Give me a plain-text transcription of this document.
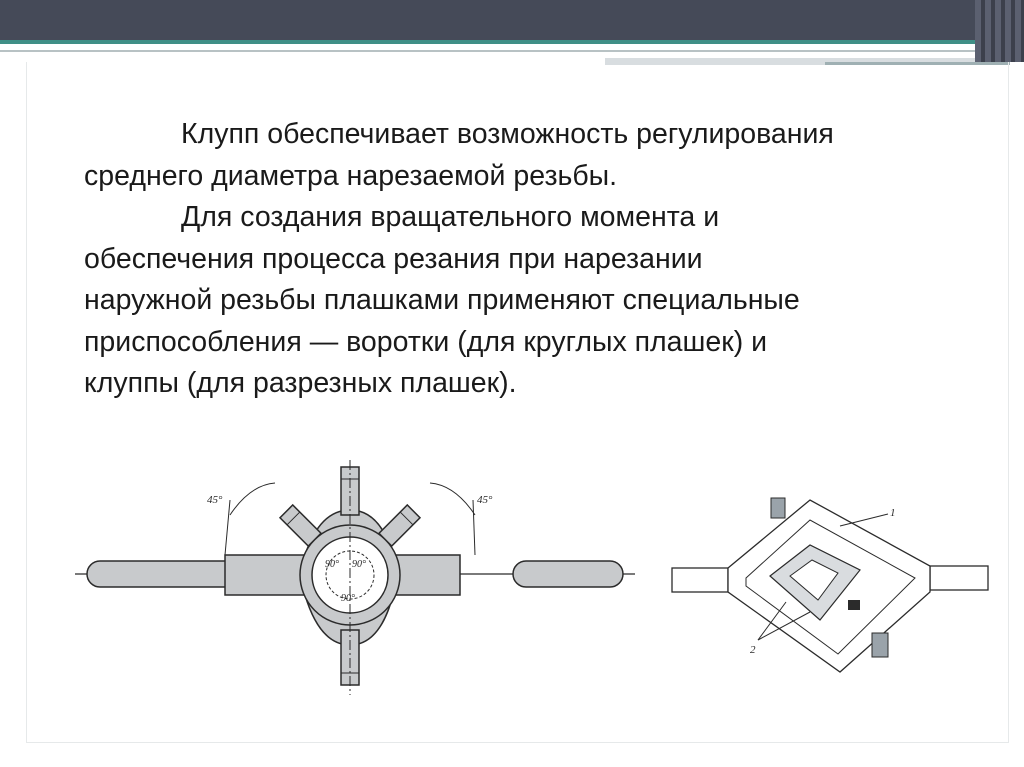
Клупп обеспечивает возможность регулирования
среднего диаметра нарезаемой резьбы.

Для создания вращательного момента и
обеспечения процесса резания при нарезании
наружной резьбы плашками применяют специальные
приспособления — воротки (для круглых плашек) и
клуппы (для разрезных плашек).

45°	45°
90° 90°
90°
1
2
